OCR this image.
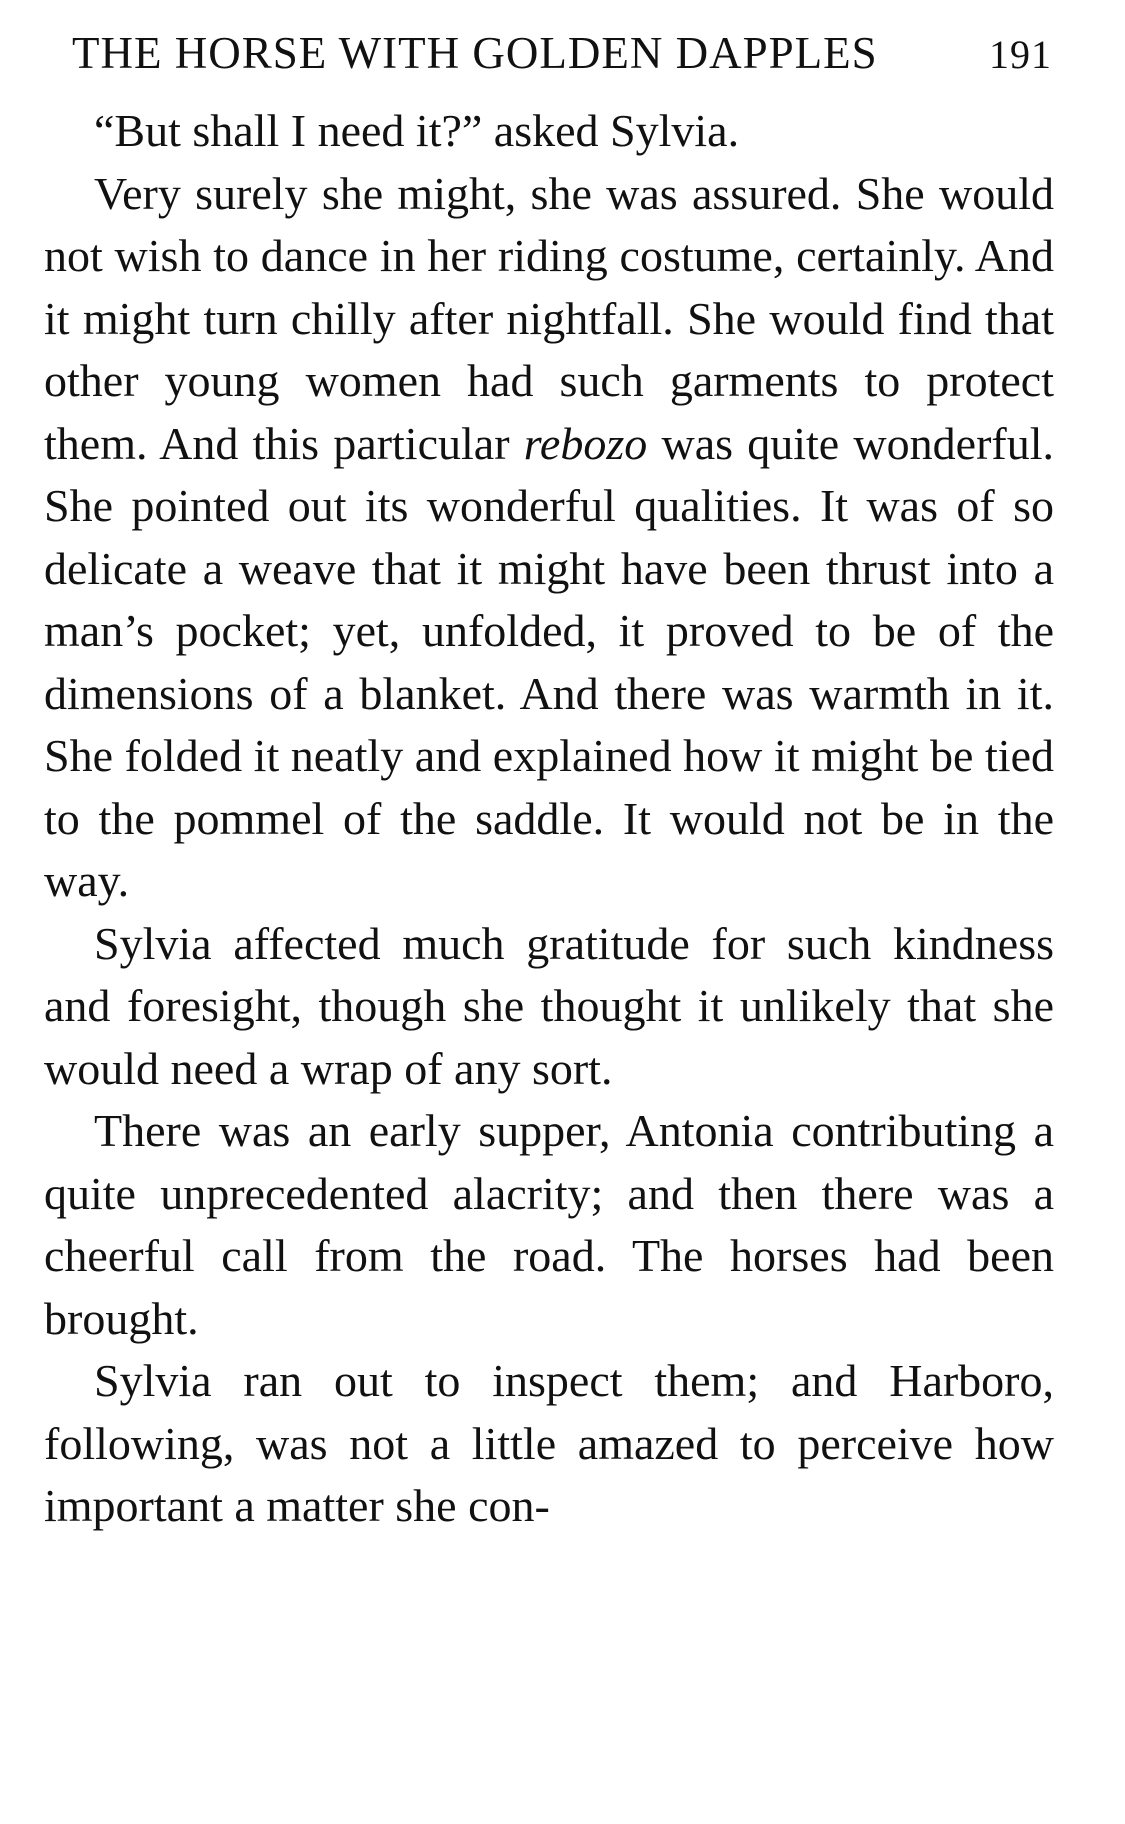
THE HORSE WITH GOLDEN DAPPLES	191

“But shall I need it?” asked Sylvia.

Very surely she might, she was assured. She would not wish to dance in her riding costume, certainly. And it might turn chilly after nightfall. She would find that other young women had such garments to protect them. And this particular rebozo was quite wonderful. She pointed out its wonderful qualities. It was of so delicate a weave that it might have been thrust into a man’s pocket; yet, unfolded, it proved to be of the dimensions of a blanket. And there was warmth in it. She folded it neatly and explained how it might be tied to the pommel of the saddle. It would not be in the way.

Sylvia affected much gratitude for such kindness and foresight, though she thought it unlikely that she would need a wrap of any sort.

There was an early supper, Antonia contributing a quite unprecedented alacrity; and then there was a cheerful call from the road. The horses had been brought.

Sylvia ran out to inspect them; and Harboro, following, was not a little amazed to perceive how important a matter she con-
